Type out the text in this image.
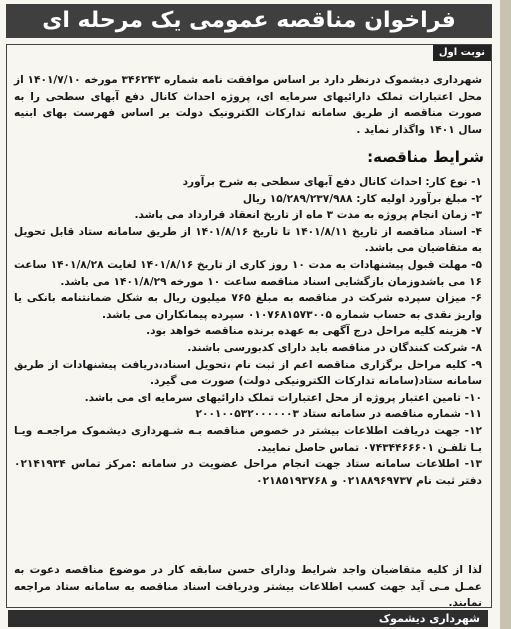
فراخوان مناقصه عمومی یک مرحله ای
نوبت اول
شهرداری دیشموک درنظر دارد بر اساس موافقت نامه شماره ۳۴۶۲۴۳ مورخه ۱۴۰۱/۷/۱۰ از محل اعتبارات تملک دارائیهای سرمایه ای، پروژه احداث کانال دفع آبهای سطحی را به صورت مناقصه از طریق سامانه تدارکات الکترونیک دولت بر اساس فهرست بهای ابنیه سال ۱۴۰۱ واگذار نماید .
شرایط مناقصه:

۱- نوع کار: احداث کانال دفع آبهای سطحی به شرح برآورد

۲- مبلغ برآورد اولیه کار: ۱۵/۲۸۹/۲۳۷/۹۸۸ ریال

۳- زمان انجام پروژه به مدت ۳ ماه از تاریخ انعقاد قرارداد می باشد.

۴- اسناد مناقصه از تاریخ ۱۴۰۱/۸/۱۱ تا تاریخ ۱۴۰۱/۸/۱۶ از طریق سامانه ستاد قابل تحویل به متقاضیان می باشد.

۵- مهلت قبول پیشنهادات به مدت ۱۰ روز کاری از تاریخ ۱۴۰۱/۸/۱۶ لغایت ۱۴۰۱/۸/۲۸ ساعت ۱۶ می باشدوزمان بازگشایی اسناد مناقصه ساعت ۱۰ مورخه ۱۴۰۱/۸/۲۹ می باشد.

۶- میزان سپرده شرکت در مناقصه به مبلغ ۷۶۵ میلیون ریال به شکل ضمانتنامه بانکی یا واریز نقدی به حساب شماره ۰۱۰۷۶۸۱۵۷۳۰۰۵ سپرده پیمانکاران می باشد.

۷- هزینه کلیه مراحل درج آگهی به عهده برنده مناقصه خواهد بود.

۸- شرکت کنندگان در مناقصه باید دارای کدبورسی باشند.

۹- کلیه مراحل برگزاری مناقصه اعم از ثبت نام ،تحویل اسناد،دریافت پیشنهادات از طریق سامانه ستاد(سامانه تدارکات الکترونیکی دولت) صورت می گیرد.

۱۰- تامین اعتبار پروژه از محل اعتبارات تملک دارائیهای سرمایه ای می باشد.

۱۱- شماره مناقصه در سامانه ستاد ۲۰۰۱۰۰۵۳۲۰۰۰۰۰۰۳

۱۲- جهت دریافت اطلاعات بیشتر در خصوص مناقصه بـه شـهرداری دیشموک مراجعـه ویـا بـا تلفـن ۰۷۴۳۴۴۶۶۶۰۱ تماس حاصل نمایید.

۱۳- اطلاعات سامانه ستاد جهت انجام مراحل عضویت در سامانه :مرکز تماس ۰۲۱۴۱۹۳۴ دفتر ثبت نام ۰۲۱۸۸۹۶۹۷۳۷ و ۰۲۱۸۵۱۹۳۷۶۸

لذا از کلیه متقاضیان واجد شرایط ودارای حسن سابقه کار در موضوع مناقصه دعوت به عمـل مـی آید جهت کسب اطلاعات بیشتر ودریافت اسناد مناقصه به سامانه ستاد مراجعه نمایند.
شهرداری دیشموک
